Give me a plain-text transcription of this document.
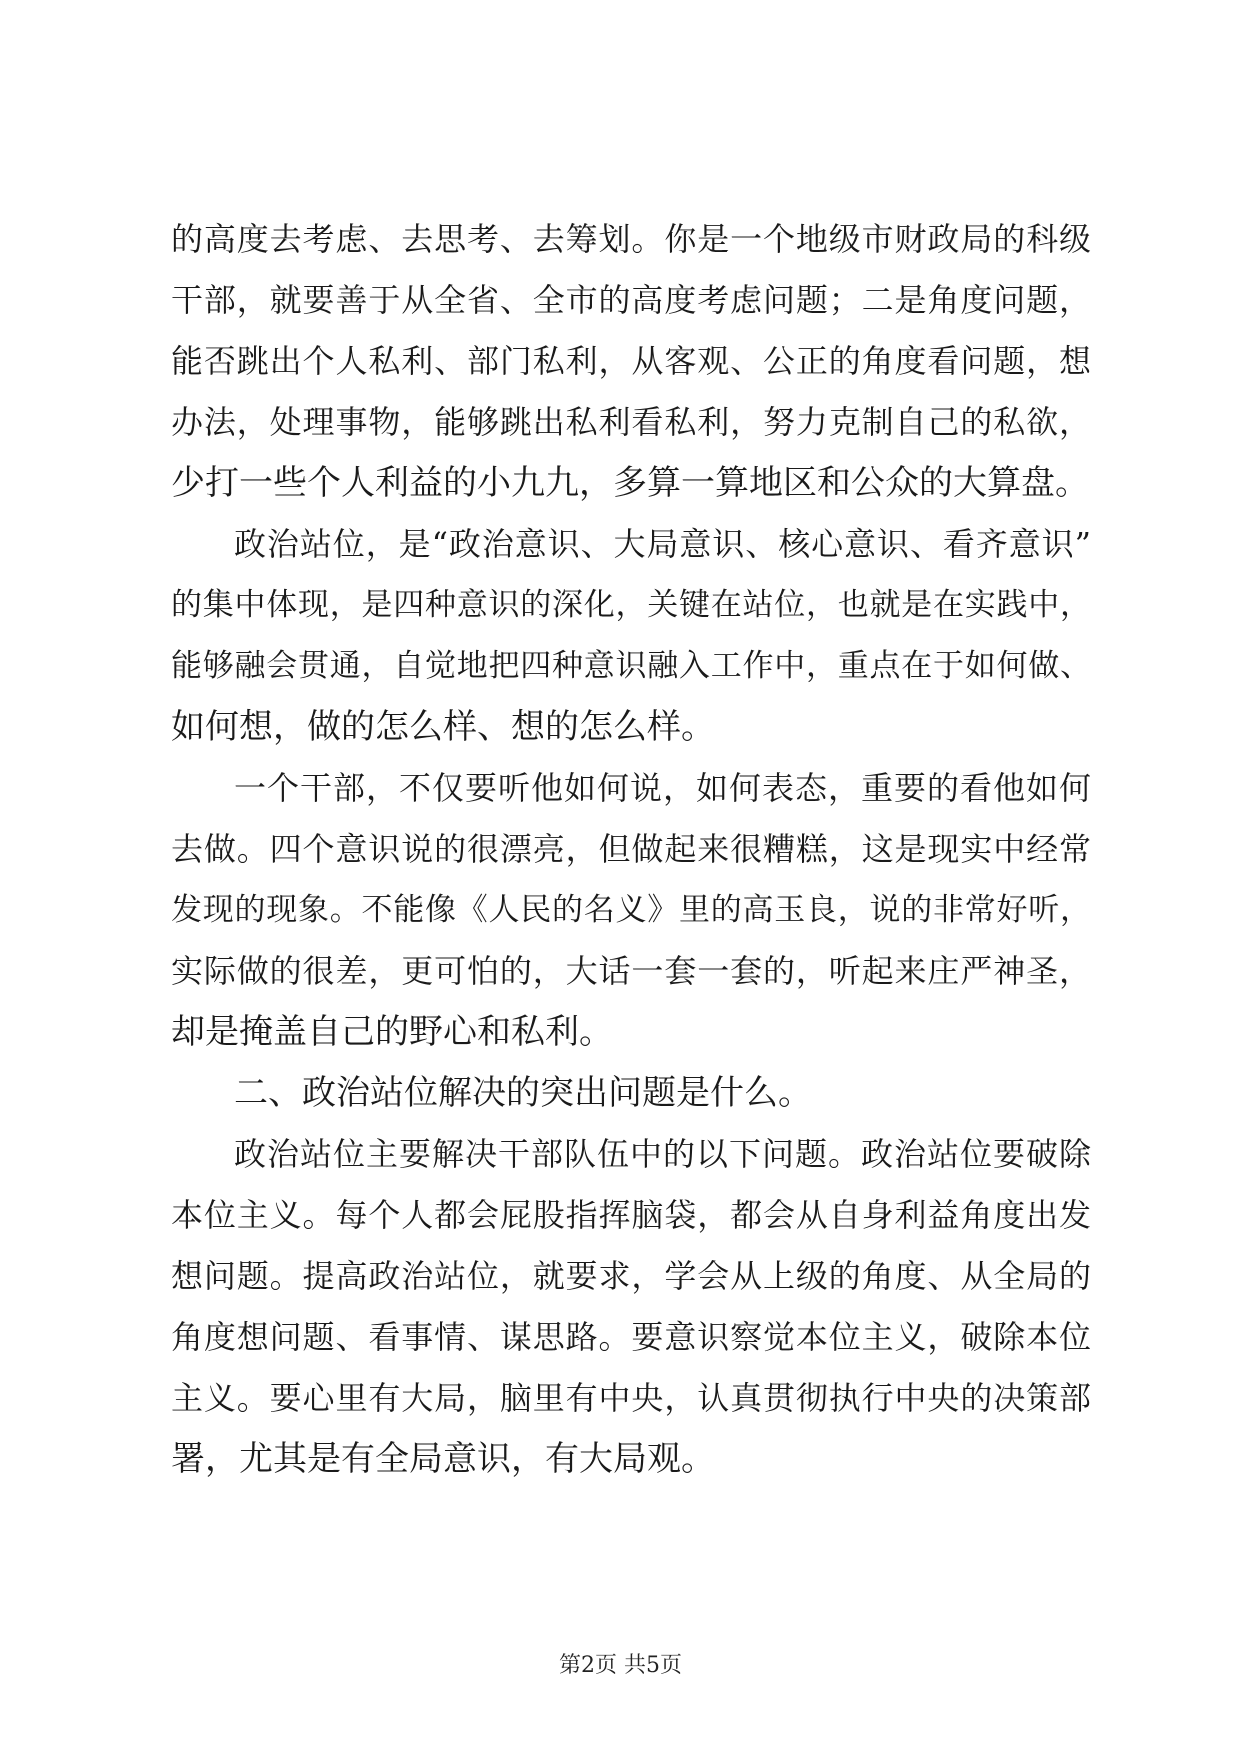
的高度去考虑、去思考、去筹划。你是一个地级市财政局的科级
干部，就要善于从全省、全市的高度考虑问题；二是角度问题，
能否跳出个人私利、部门私利，从客观、公正的角度看问题，想
办法，处理事物，能够跳出私利看私利，努力克制自己的私欲，
少打一些个人利益的小九九，多算一算地区和公众的大算盘。
政治站位，是“政治意识、大局意识、核心意识、看齐意识”
的集中体现，是四种意识的深化，关键在站位，也就是在实践中，
能够融会贯通，自觉地把四种意识融入工作中，重点在于如何做、
如何想，做的怎么样、想的怎么样。
一个干部，不仅要听他如何说，如何表态，重要的看他如何
去做。四个意识说的很漂亮，但做起来很糟糕，这是现实中经常
发现的现象。不能像《人民的名义》里的高玉良，说的非常好听，
实际做的很差，更可怕的，大话一套一套的，听起来庄严神圣，
却是掩盖自己的野心和私利。
二、政治站位解决的突出问题是什么。
政治站位主要解决干部队伍中的以下问题。政治站位要破除
本位主义。每个人都会屁股指挥脑袋，都会从自身利益角度出发
想问题。提高政治站位，就要求，学会从上级的角度、从全局的
角度想问题、看事情、谋思路。要意识察觉本位主义，破除本位
主义。要心里有大局，脑里有中央，认真贯彻执行中央的决策部
署，尤其是有全局意识，有大局观。
第2页 共5页
